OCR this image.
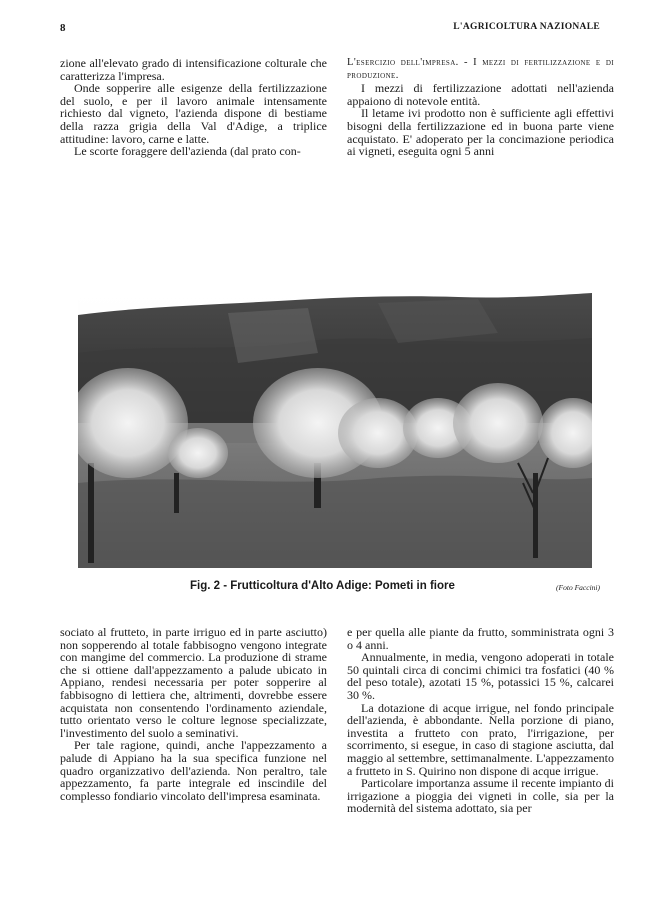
8	L'AGRICOLTURA NAZIONALE

zione all'elevato grado di intensificazione colturale che caratterizza l'impresa.

Onde sopperire alle esigenze della fertilizzazione del suolo, e per il lavoro animale intensamente richiesto dal vigneto, l'azienda dispone di bestiame della razza grigia della Val d'Adige, a triplice attitudine: lavoro, carne e latte.

Le scorte foraggere dell'azienda (dal prato con-

L'esercizio dell'impresa. - I mezzi di fertilizzazione e di produzione.

I mezzi di fertilizzazione adottati nell'azienda appaiono di notevole entità.

Il letame ivi prodotto non è sufficiente agli effettivi bisogni della fertilizzazione ed in buona parte viene acquistato. E' adoperato per la concimazione periodica ai vigneti, eseguita ogni 5 anni

Fig. 2 - Frutticoltura d'Alto Adige: Pometi in fiore	(Foto Faccini)

sociato al frutteto, in parte irriguo ed in parte asciutto) non sopperendo al totale fabbisogno vengono integrate con mangime del commercio. La produzione di strame che si ottiene dall'appezzamento a palude ubicato in Appiano, rendesi necessaria per poter sopperire al fabbisogno di lettiera che, altrimenti, dovrebbe essere acquistata non consentendo l'ordinamento aziendale, tutto orientato verso le colture legnose specializzate, l'investimento del suolo a seminativi.

Per tale ragione, quindi, anche l'appezzamento a palude di Appiano ha la sua specifica funzione nel quadro organizzativo dell'azienda. Non peraltro, tale appezzamento, fa parte integrale ed inscindile del complesso fondiario vincolato dell'impresa esaminata.

e per quella alle piante da frutto, somministrata ogni 3 o 4 anni.

Annualmente, in media, vengono adoperati in totale 50 quintali circa di concimi chimici tra fosfatici (40 % del peso totale), azotati 15 %, potassici 15 %, calcarei 30 %.

La dotazione di acque irrigue, nel fondo principale dell'azienda, è abbondante. Nella porzione di piano, investita a frutteto con prato, l'irrigazione, per scorrimento, si esegue, in caso di stagione asciutta, dal maggio al settembre, settimanalmente. L'appezzamento a frutteto in S. Quirino non dispone di acque irrigue.

Particolare importanza assume il recente impianto di irrigazione a pioggia dei vigneti in colle, sia per la modernità del sistema adottato, sia per
